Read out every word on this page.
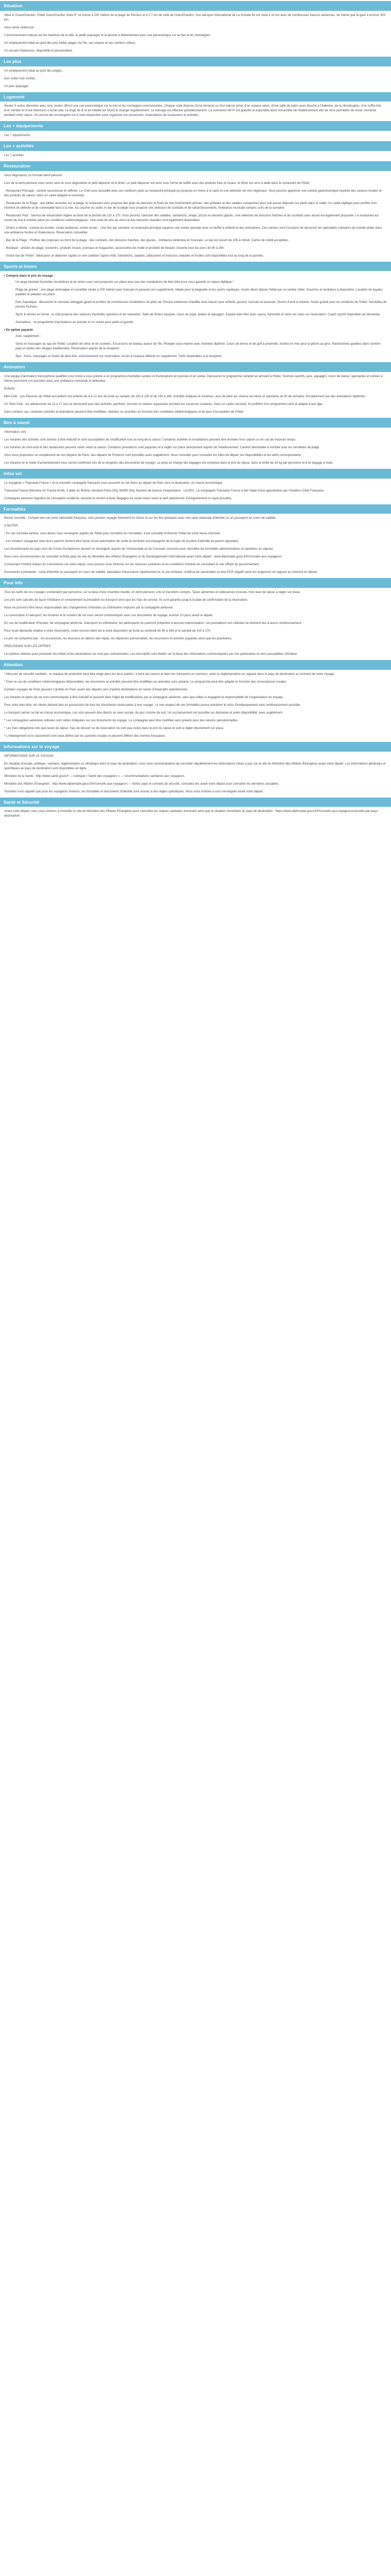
Situation
Situé à l'Ouest/Gardon, l'hôtel Ouest/Gardon Suite 5* se trouve à 200 mètres de la plage de Perriers et à 2,7 km de celle de Ouest/Gardon. Son aéroport international de La Grande-Île est situé à 10 km avec de nombreuses liaisons aériennes, de même que la gare à environ 300 km.
Vous serez séduit par :
L'environnement naturel sur les hauteurs de la ville, le jardin paysager et la piscine à débordement avec vue panoramique sur la mer et les montagnes.
Un emplacement idéal au pied des plus belles plages de l'île, ses criques et ses sentiers côtiers.
Un accueil chaleureux, disponible et personnalisé.
Les plus
Un emplacement idéal au pied des plages,
Des suites tout confort,
Un parc paysager.
Logement
Seules 5 suites décorées avec soin, toutes offrent une vue panoramique sur la mer et les montagnes environnantes. Chaque suite dispose d'une terrasse ou d'un balcon privé, d'un espace salon, d'une salle de bains avec douche à l'italienne, de la climatisation, d'un coffre-fort, d'un minibar et d'une télévision à écran plat. Le linge de lit et de toilette est fourni et changé régulièrement. Le ménage est effectué quotidiennement. La connexion Wi-Fi est gratuite et disponible dans l'ensemble de l'établissement afin de vous permettre de rester connecté pendant votre séjour. Un service de conciergerie est à votre disposition pour organiser vos excursions, réservations de restaurants et activités.
Les + équipements
Les + équipements
Les + activités
Les + activités
Restauration
Vous dégusterez un formule demi-pension.
Lors de la demi-pension vous serez servi et vous dégusterez le petit déjeuner et le dîner. Le petit déjeuner est servi sous forme de buffet avec des produits frais et locaux, le dîner est servi à table dans le restaurant de l'hôtel.
- Restaurant Principal : cuisine savoureuse et raffinée. Le Chef vous accueille avec ses meilleurs plats au restaurant principal qui propose un menu à la carte et une sélection de vins régionaux. Vous pourrez apprécier une cuisine gastronomique inspirée des saveurs locales et des produits de saison, dans un cadre élégant et convivial.
- Restaurant de la Plage : aux tables ouvertes sur la plage, le restaurant vous propose des plats de poissons et fruits de mer fraîchement pêchés, des grillades et des salades composées pour une pause déjeuner les pieds dans le sable. Un cadre idyllique pour profiter d'un moment de détente et de convivialité face à la mer. Au coucher du soleil, le bar de la plage vous propose une sélection de cocktails et de rafraîchissements. Ambiance musicale certains soirs de la semaine.
- Restaurant Pool : Service de restauration légère au bord de la piscine de 12h à 17h. Vous pourrez savourer des salades, sandwichs, wraps, pizzas et desserts glacés. Une sélection de boissons fraîches et de cocktails sans alcool est également proposée. Le restaurant est ouvert de mai à octobre selon les conditions météorologiques. Une carte de vins au verre et des boissons chaudes sont également disponibles.
- Dîners à thème : cuisine du monde, soirée barbecue, soirée locale... Une fois par semaine, le restaurant principal organise une soirée spéciale avec un buffet à volonté et des animations. Ces soirées sont l'occasion de découvrir les spécialités culinaires du monde entier dans une ambiance festive et chaleureuse. Réservation conseillée.
- Bar de la Plage : Profitez des tropicaux au bord de la plage : des cocktails, des boissons fraîches, des glaces... Ambiance détendue et musicale. Le bar est ouvert de 10h à minuit. Cartes de crédit acceptées.
- Boutique : articles de plage, souvenirs, produits locaux, journaux et magazines, accessoires de mode et produits de beauté. Ouverte tous les jours de 9h à 20h.
- Snack bar de l'Hôtel : Idéal pour un déjeuner rapide ou une collation l'après-midi. Sandwichs, salades, pâtisseries et boissons chaudes et froides sont disponibles tout au long de la journée.
Sports et loisirs
• Compris dans le prix du voyage :
Un large éventail d'activités récréatives et de loisirs vous sont proposés sur place ainsi que des installations de bien-être pour vous garantir un séjour idyllique !
Plage de gravier : une plage aménagée et surveillée située à 200 mètres avec transats et parasols (en supplément). Idéale pour la baignade et les sports nautiques. Accès direct depuis l'hôtel par un sentier côtier. Douches et vestiaires à disposition. Location de kayaks, paddles et pédalos sur place.
Parc Aquatique : découvrez le nouveau toboggan géant et profitez de nombreuses installations de plein air. Piscine extérieure chauffée avec bassin pour enfants, jacuzzi, transats et parasols. Ouvert d'avril à octobre. Accès gratuit pour les résidents de l'hôtel. Serviettes de piscine fournies.
Sport & remise en forme : le club propose des séances d'activités sportives et de relaxation. Salle de fitness équipée, cours de yoga, pilates et aquagym. Espace bien-être avec sauna, hammam et soins du corps sur réservation. Coach sportif disponible sur demande.
Animations : un programme d'animations en journée et en soirée pour petits et grands.
• En option payante
Avec supplément :
Soins et massages au spa de l'hôtel. Location de vélos et de scooters. Excursions en bateau autour de l'île. Plongée sous-marine avec moniteur diplômé. Cours de tennis et de golf à proximité. Sorties en mer pour la pêche au gros. Randonnées guidées dans l'arrière-pays et visites des villages traditionnels. Réservation auprès de la réception.
Spa : Soins, massages et rituels de bien-être, exclusivement sur réservation. Accès à l'espace détente en supplément. Tarifs disponibles à la réception.
Animation
Une équipe d'animation francophone qualifiée vous invite à vous joindre à un programme d'activités variées et d'animations en journée et en soirée. Découvrez le programme complet en arrivant à l'hôtel. Tournois sportifs, jeux, aquagym, cours de danse, spectacles et soirées à thème ponctuent vos journées dans une ambiance conviviale et détendue.
Enfants :
Mini-Club : Les Pieuvres de l'hôtel accueillent vos enfants de 4 à 12 ans du lundi au samedi, de 10h à 12h et de 15h à 18h. Activités ludiques et créatives, jeux de plein air, chasse au trésor et spectacle de fin de semaine. Encadrement par des animateurs diplômés.
Un Teen Club : les adolescents de 13 à 17 ans se retrouvent pour des activités sportives, tournois et soirées organisées pendant les vacances scolaires. Dans un cadre sécurisé, ils profitent d'un programme varié et adapté à leur âge.
Dans certains cas, certaines activités et animations peuvent être modifiées, réduites ou annulées en fonction des conditions météorologiques et du taux d'occupation de l'hôtel.
Bon à savoir
Information voix :
Les horaires des activités sont donnés à titre indicatif et sont susceptibles de modification tout au long de la saison. Certaines activités et installations peuvent être fermées hors saison ou en cas de mauvais temps.
Les horaires du mini-club et des restaurants peuvent varier selon la saison. Certaines prestations sont payantes et à régler sur place directement auprès de l'établissement. Caution demandée à l'arrivée pour les serviettes de plage.
Vous vous proposons ce complément de nos départs de Paris, des départs de Province sont possibles avec supplément. Nous consulter pour connaître les villes de départ, les disponibilités et les tarifs correspondants.
Les horaires et le mode d'acheminement vous seront confirmés lors de la réception des documents de voyage. La prise en charge des bagages est comprise dans le prix du séjour, dans la limite de 20 kg par personne et d'un bagage à main.
Infos vol
Le voyagiste « Transavia France » et la nouvelle compagnie française vous assurent un vol direct au départ de Paris vers la destination, en classe économique.
Transavia France (Membre Air France-KLM), 3 allée du Bréhat, Aéroport Paris-Orly, 94390 Orly. Numéro de licence d'exploitation : 12/2001. La compagnie Transavia France a fait l'objet d'une approbation par l'Aviation Civile Française.
Compagnie aérienne régulière de conception moderne, sécurité et confort à bord. Bagages en soute inclus selon le tarif sélectionné. Enregistrement en ligne possible.
Formalités
Bonne nouvelle : Compte tenu de votre nationalité française, vous pouvez voyager librement en Grèce et sur les îles grecques avec une carte nationale d'identité ou un passeport en cours de validité.
A NOTER :
- En cas d'arrivée tardive, vous devez vous renseigner auprès de l'hôtel pour connaître les formalités. Il est conseillé d'informer l'hôtel de votre heure d'arrivée.
- Les mineurs voyageant sans leurs parents doivent être munis d'une autorisation de sortie du territoire accompagnée de la copie de la pièce d'identité du parent signataire.
Les ressortissants de pays hors de l'Union Européenne doivent se renseigner auprès de l'Ambassade ou du Consulat concerné pour connaître les formalités administratives et sanitaires en vigueur.
Nous vous recommandons de consulter la fiche pays du site du Ministère des Affaires Étrangères et du Développement International avant votre départ : www.diplomatie.gouv.fr/fr/conseils-aux-voyageurs.
Concernant l'Institut Impact du Coronavirus sur votre séjour, vous pouvez vous informer sur les mesures sanitaires et les conditions d'entrée en consultant le site officiel du gouvernement.
Documents à présenter : carte d'identité ou passeport en cours de validité, attestation d'assurance rapatriement et, le cas échéant, certificat de vaccination ou test PCR négatif selon les exigences en vigueur au moment du départ.
Pour info
Tous les tarifs de nos voyages s'entendent par personne, sur la base d'une chambre double, en demi-pension, vols et transferts compris. Taxes aériennes et redevances incluses, hors taxe de séjour à régler sur place.
Les prix sont calculés de façon forfaitaire et comprennent la prestation du transport ainsi que les frais de service. Ils sont garantis jusqu'à la date de confirmation de la réservation.
Nous ne pouvons être tenus responsables des changements d'horaires ou d'itinéraires imposés par la compagnie aérienne.
La convocation à l'aéroport, les horaires et le numéro de vol vous seront communiqués avec vos documents de voyage, environ 10 jours avant le départ.
En cas de modification d'horaire, de compagnie aérienne, d'aéroport ou d'itinéraire, les participants ne pourront prétendre à aucune indemnisation. Les prestations non utilisées ne donnent lieu à aucun remboursement.
Pour toute demande relative à votre réservation, notre service client est à votre disposition du lundi au vendredi de 9h à 19h et le samedi de 10h à 17h.
Le prix ne comprend pas : les assurances, les boissons en dehors des repas, les dépenses personnelles, les excursions et activités payantes ainsi que les pourboires.
PRECISIONS SUR LES OFFRES
Les photos utilisées pour présenter les hôtels et les destinations ne sont pas contractuelles. Les descriptifs sont établis sur la base des informations communiquées par nos partenaires et sont susceptibles d'évoluer.
Attention
* Mesures de sécurité sanitaire : le masque de protection peut être exigé dans les lieux publics, à bord des avions et dans les transports en commun, selon la réglementation en vigueur dans le pays de destination au moment de votre voyage.
* Dans le cas de conditions météorologiques défavorables, les excursions et activités peuvent être modifiées ou annulées sans préavis. Le programme peut être adapté en fonction des circonstances locales.
Certains voyages de Paris peuvent s'arrêter en Paris avant des départs vers d'autres destinations en raison d'impératifs opérationnels.
Les horaires et plans de vol sont communiqués à titre indicatif et peuvent faire l'objet de modifications par la compagnie aérienne, sans que celles-ci engagent la responsabilité de l'organisateur du voyage.
Pour votre bien-être, les clients doivent être en possession de tous les documents nécessaires à leur voyage. Le non-respect de ces formalités pourra entraîner le refus d'embarquement sans remboursement possible.
Le transport aérien se fait en classe économique. Les vols peuvent être directs ou avec escale, de jour comme de nuit. Un surclassement est possible sur demande et selon disponibilité, avec supplément.
* Les compagnies aériennes utilisées sont celles indiquées sur vos documents de voyage. La compagnie peut être modifiée sans préavis pour des raisons opérationnelles.
* Les frais obligatoires tels que taxes de séjour, frais de dossier ou de réservation ne sont pas inclus dans le prix du séjour et sont à régler directement sur place.
* L'hébergement et le classement sont ceux définis par les autorités locales et peuvent différer des normes françaises.
Informations sur le voyage
INFORMATIONS SUR LE VOYAGE
En situation d'escale, politique, sanitaire, réglementaire ou climatique dans le pays de destination, nous vous recommandons de consulter régulièrement les informations mises à jour sur le site du Ministère des Affaires Étrangères avant votre départ. Les informations générales et spécifiques au pays de destination sont disponibles en ligne.
Ministère de la Santé : http://www.sante.gouv.fr — rubrique « Santé des voyageurs » — recommandations sanitaires aux voyageurs.
Ministère des Affaires Étrangères : http://www.diplomatie.gouv.fr/fr/conseils-aux-voyageurs — fiches pays et conseils de sécurité, consultez-les avant votre départ pour connaître les dernières actualités.
Touristes il est rappelé que pour les voyageurs mineurs, les formalités et documents d'identité sont soumis à des règles spécifiques. Nous vous invitons à vous renseigner avant votre départ.
Santé et Sécurité
Avant votre départ, nous vous invitons à consulter le site du Ministère des Affaires Étrangères pour connaître les risques sanitaires éventuels ainsi que la situation sécuritaire du pays de destination : https://www.diplomatie.gouv.fr/fr/conseils-aux-voyageurs/conseils-par-pays-destination/
